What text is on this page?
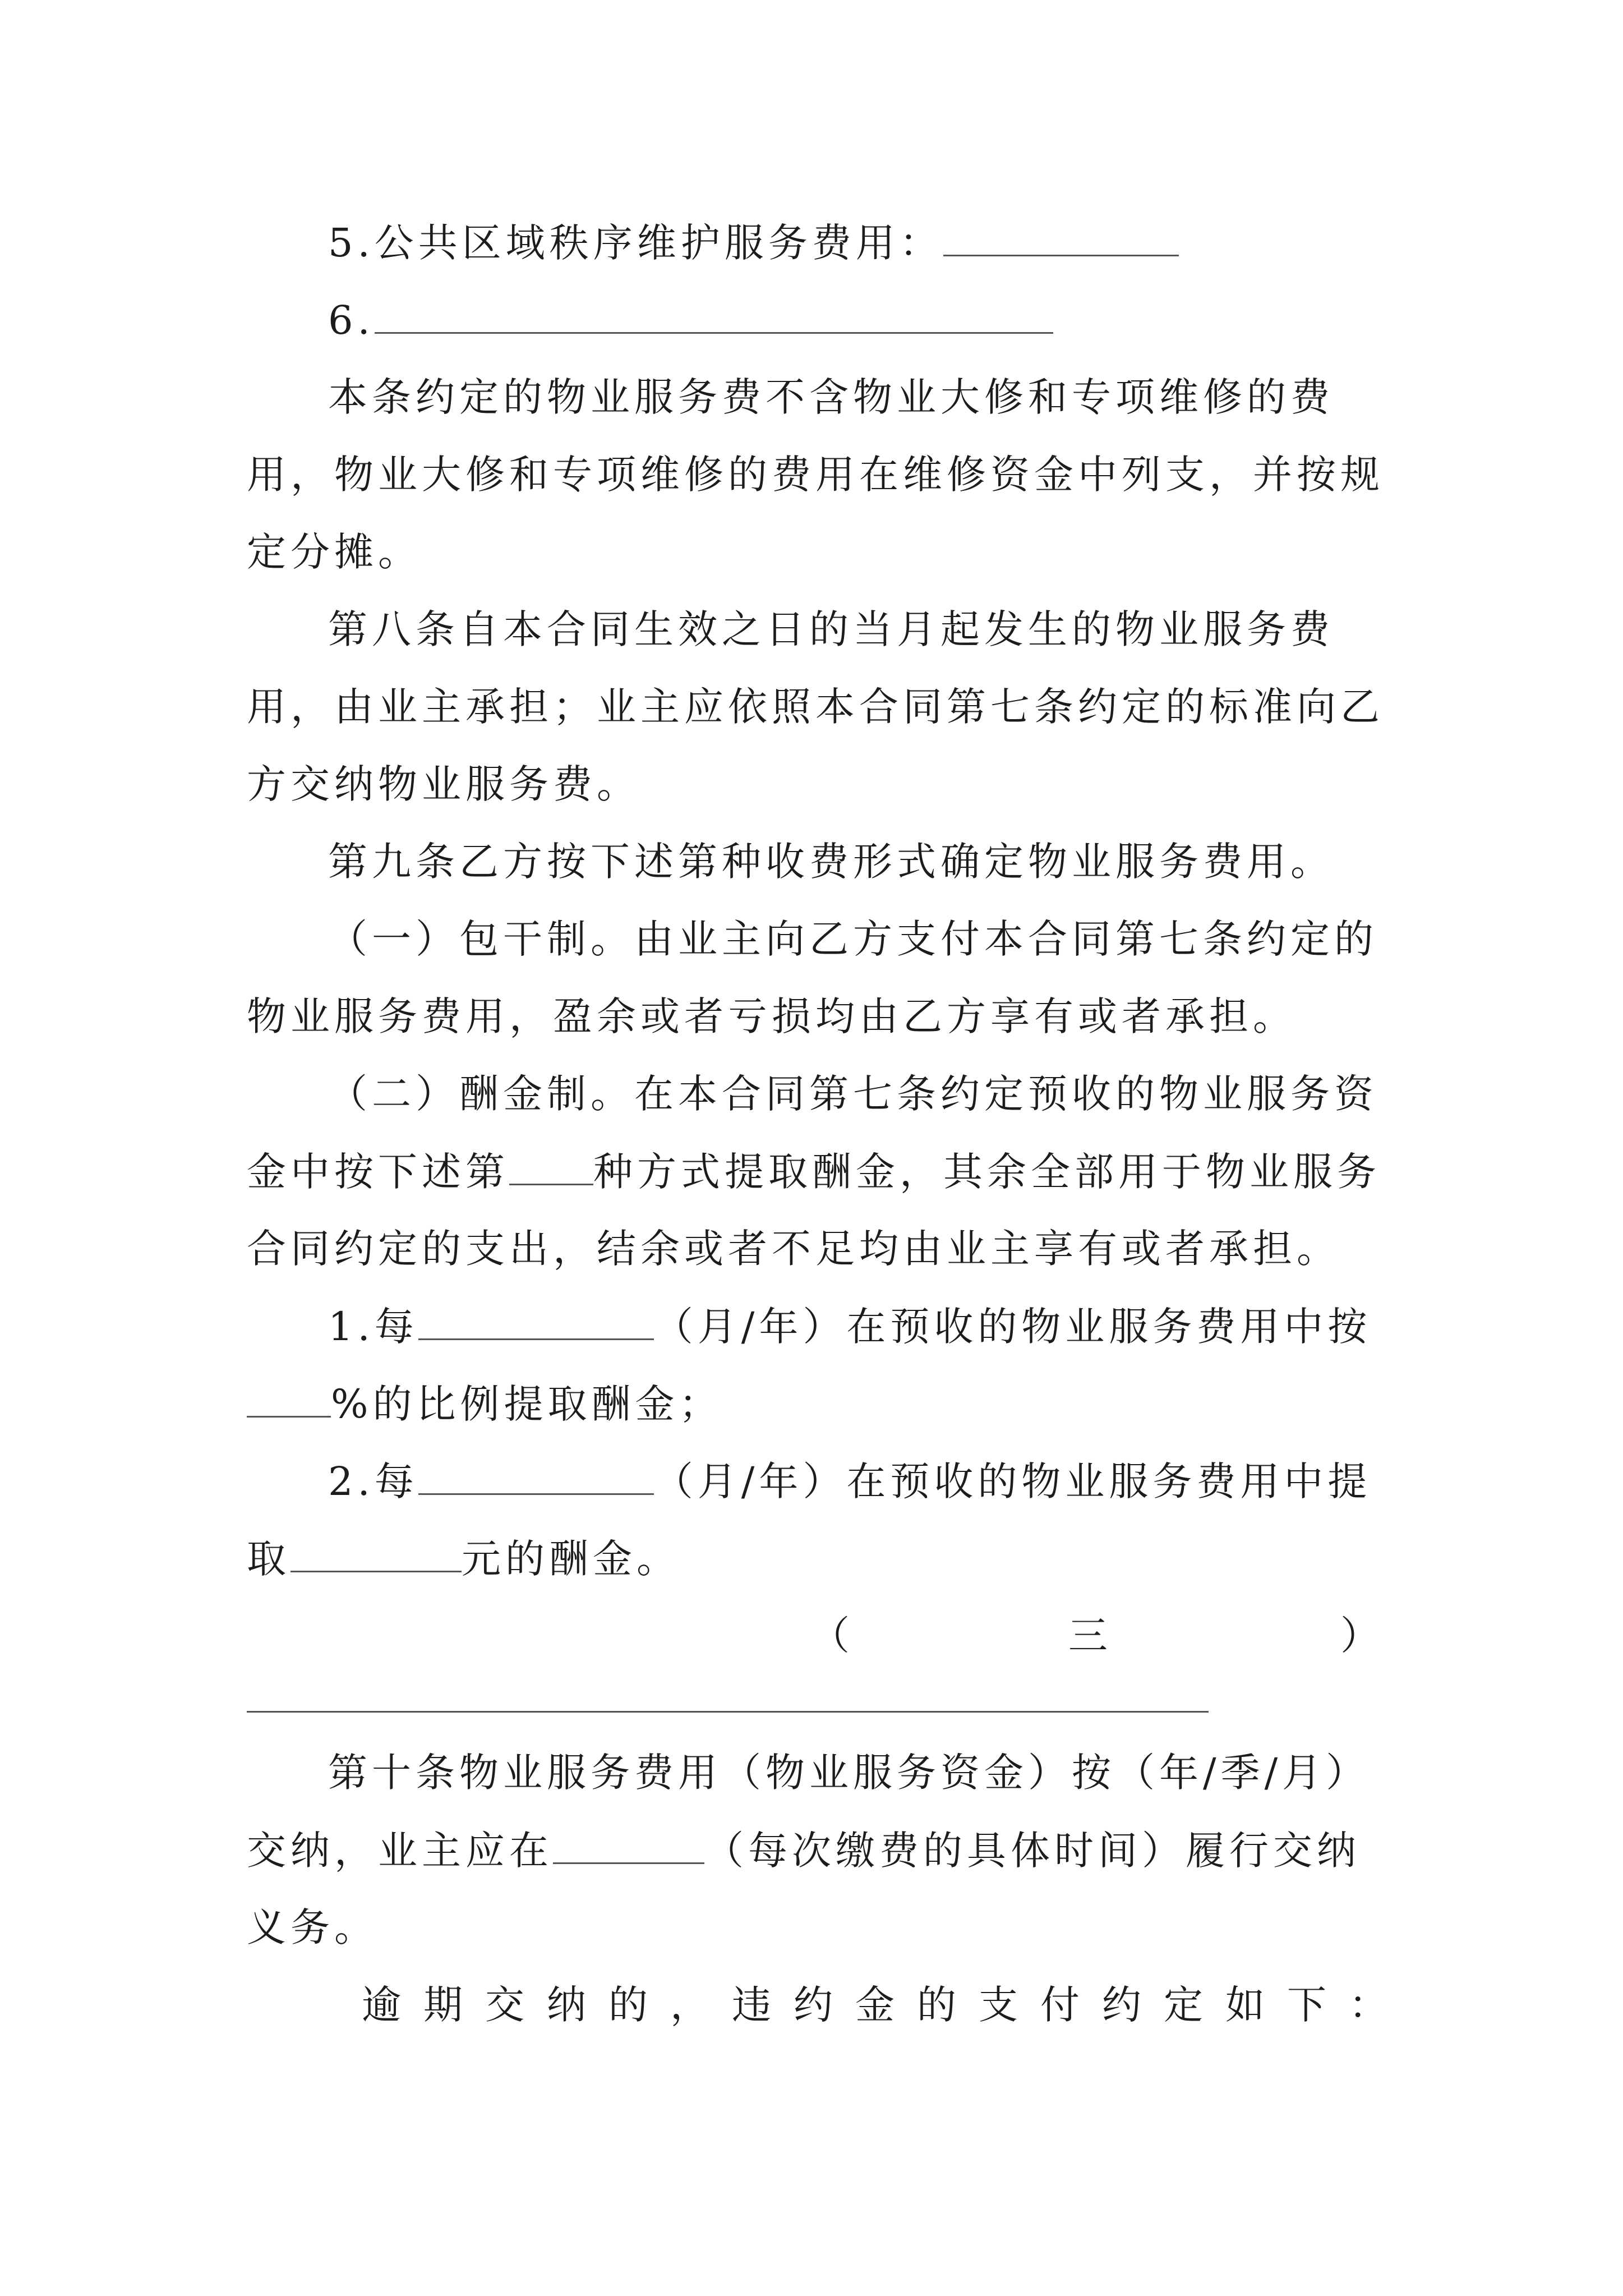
5.公共区域秩序维护服务费用：
6.
本条约定的物业服务费不含物业大修和专项维修的费
用，物业大修和专项维修的费用在维修资金中列支，并按规
定分摊。
第八条自本合同生效之日的当月起发生的物业服务费
用，由业主承担；业主应依照本合同第七条约定的标准向乙
方交纳物业服务费。
第九条乙方按下述第种收费形式确定物业服务费用。
（一）包干制。由业主向乙方支付本合同第七条约定的
物业服务费用，盈余或者亏损均由乙方享有或者承担。
（二）酬金制。在本合同第七条约定预收的物业服务资
金中按下述第 种方式提取酬金，其余全部用于物业服务
合同约定的支出，结余或者不足均由业主享有或者承担。
1.每	（月/年）在预收的物业服务费用中按
%的比例提取酬金；
2.每	（月/年）在预收的物业服务费用中提
取	元的酬金。
（	三	）
第十条物业服务费用（物业服务资金）按（年/季/月）
交纳，业主应在	（每次缴费的具体时间）履行交纳
义务。
逾期交纳的，违约金的支付约定如下：
